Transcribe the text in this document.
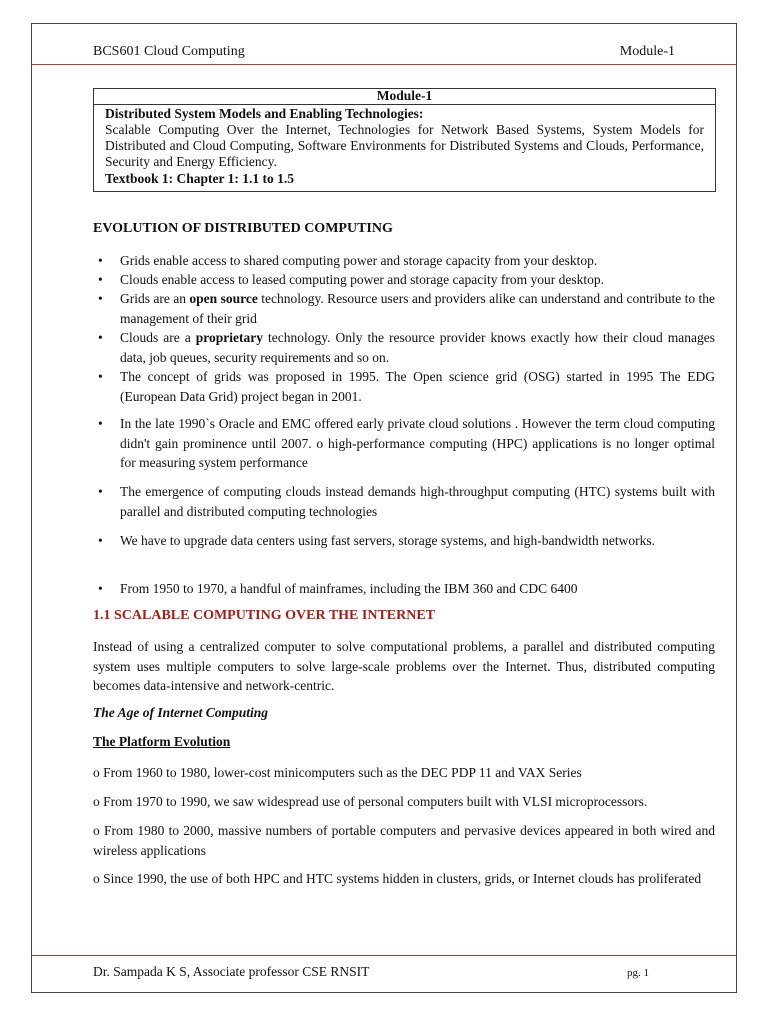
BCS601 Cloud Computing	Module-1
Module-1
Distributed System Models and Enabling Technologies:
Scalable Computing Over the Internet, Technologies for Network Based Systems, System Models for Distributed and Cloud Computing, Software Environments for Distributed Systems and Clouds, Performance, Security and Energy Efficiency.
Textbook 1: Chapter 1: 1.1 to 1.5
EVOLUTION OF DISTRIBUTED COMPUTING
• Grids enable access to shared computing power and storage capacity from your desktop.
• Clouds enable access to leased computing power and storage capacity from your desktop.
• Grids are an open source technology. Resource users and providers alike can understand and contribute to the management of their grid
• Clouds are a proprietary technology. Only the resource provider knows exactly how their cloud manages data, job queues, security requirements and so on.
• The concept of grids was proposed in 1995. The Open science grid (OSG) started in 1995 The EDG (European Data Grid) project began in 2001.
• In the late 1990`s Oracle and EMC offered early private cloud solutions . However the term cloud computing didn't gain prominence until 2007. o high-performance computing (HPC) applications is no longer optimal for measuring system performance
• The emergence of computing clouds instead demands high-throughput computing (HTC) systems built with parallel and distributed computing technologies
• We have to upgrade data centers using fast servers, storage systems, and high-bandwidth networks.
• From 1950 to 1970, a handful of mainframes, including the IBM 360 and CDC 6400
1.1 SCALABLE COMPUTING OVER THE INTERNET
Instead of using a centralized computer to solve computational problems, a parallel and distributed computing system uses multiple computers to solve large-scale problems over the Internet. Thus, distributed computing becomes data-intensive and network-centric.
The Age of Internet Computing
The Platform Evolution
o From 1960 to 1980, lower-cost minicomputers such as the DEC PDP 11 and VAX Series
o From 1970 to 1990, we saw widespread use of personal computers built with VLSI microprocessors.
o From 1980 to 2000, massive numbers of portable computers and pervasive devices appeared in both wired and wireless applications
o Since 1990, the use of both HPC and HTC systems hidden in clusters, grids, or Internet clouds has proliferated
Dr. Sampada K S, Associate professor CSE RNSIT	pg. 1
